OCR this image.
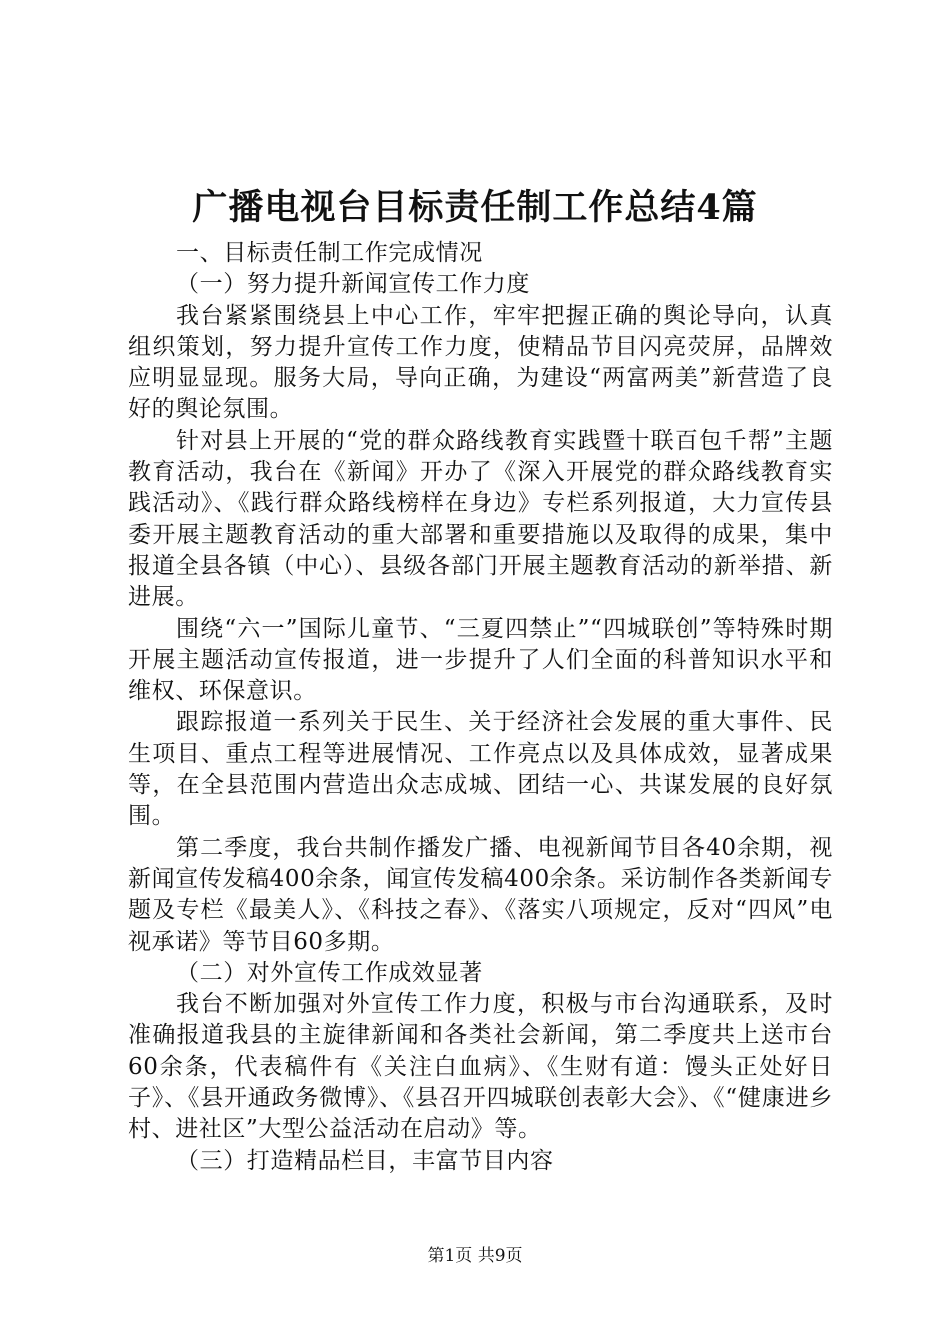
广播电视台目标责任制工作总结4篇

一、目标责任制工作完成情况

（一）努力提升新闻宣传工作力度

我台紧紧围绕县上中心工作，牢牢把握正确的舆论导向，认真组织策划，努力提升宣传工作力度，使精品节目闪亮荧屏，品牌效应明显显现。服务大局，导向正确，为建设“两富两美”新营造了良好的舆论氛围。

针对县上开展的“党的群众路线教育实践暨十联百包千帮”主题教育活动，我台在《新闻》开办了《深入开展党的群众路线教育实践活动》、《践行群众路线榜样在身边》专栏系列报道，大力宣传县委开展主题教育活动的重大部署和重要措施以及取得的成果，集中报道全县各镇（中心）、县级各部门开展主题教育活动的新举措、新进展。

围绕“六一”国际儿童节、“三夏四禁止”“四城联创”等特殊时期开展主题活动宣传报道，进一步提升了人们全面的科普知识水平和维权、环保意识。

跟踪报道一系列关于民生、关于经济社会发展的重大事件、民生项目、重点工程等进展情况、工作亮点以及具体成效，显著成果等，在全县范围内营造出众志成城、团结一心、共谋发展的良好氛围。

第二季度，我台共制作播发广播、电视新闻节目各40余期，视新闻宣传发稿400余条，闻宣传发稿400余条。采访制作各类新闻专题及专栏《最美人》、《科技之春》、《落实八项规定，反对“四风”电视承诺》等节目60多期。

（二）对外宣传工作成效显著

我台不断加强对外宣传工作力度，积极与市台沟通联系，及时准确报道我县的主旋律新闻和各类社会新闻，第二季度共上送市台60余条，代表稿件有《关注白血病》、《生财有道：馒头正处好日子》、《县开通政务微博》、《县召开四城联创表彰大会》、《“健康进乡村、进社区”大型公益活动在启动》等。

（三）打造精品栏目，丰富节目内容

第1页 共9页
